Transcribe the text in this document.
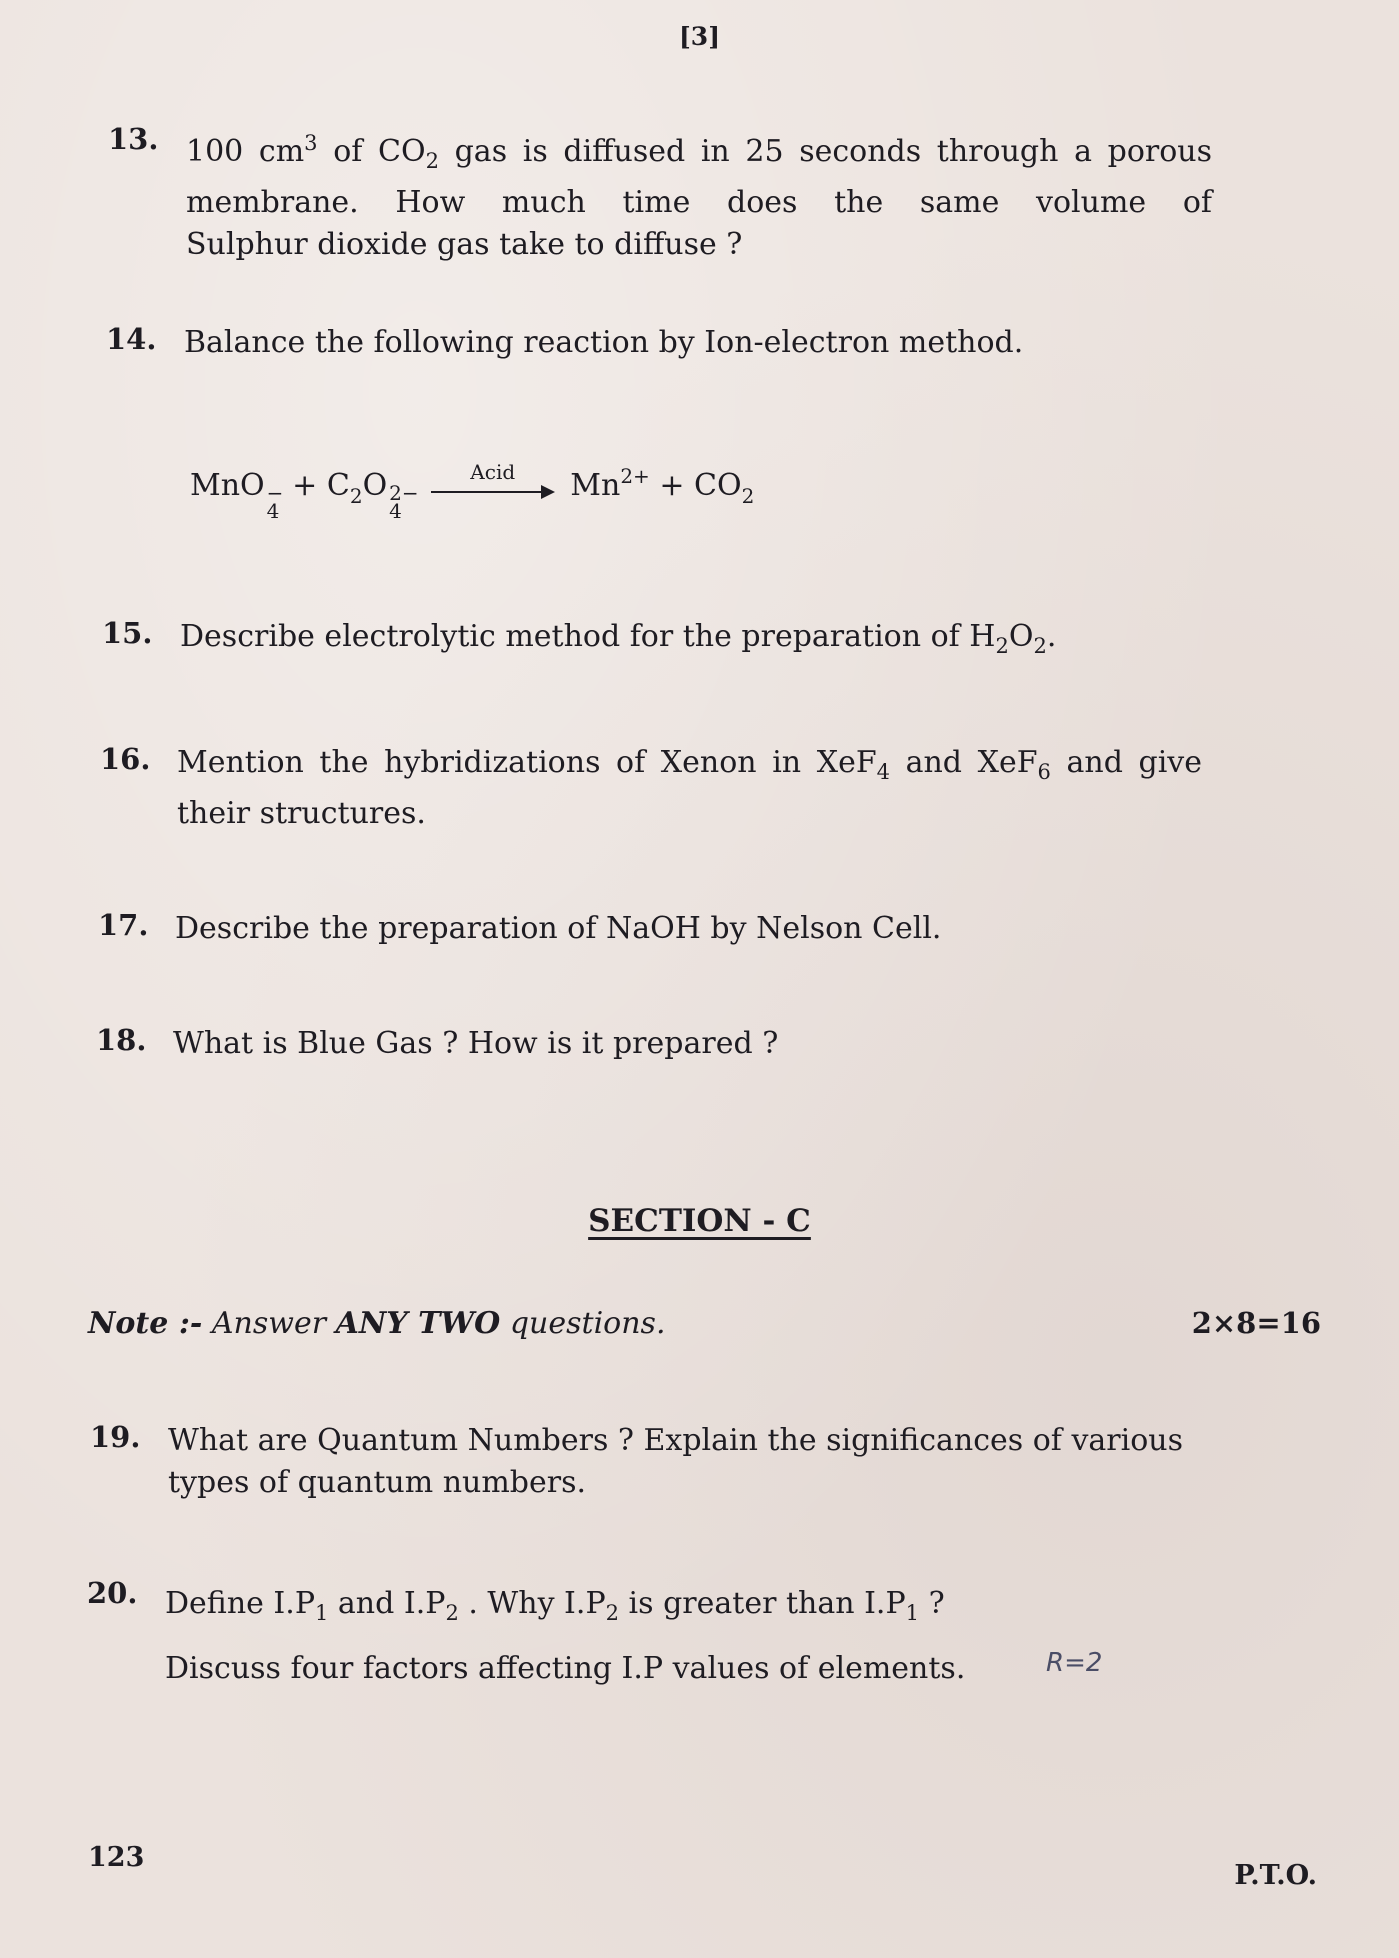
[3]
13. 100 $cm^3$ of $CO_2$ gas is diffused in 25 seconds through a porous
membrane. How much time does the same volume of
Sulphur dioxide gas take to diffuse ?
14. Balance the following reaction by Ion-electron method.
MnO −
4
+ $C_2O$ 2−
4

Acid	$Mn^{2+} + CO_2$
15. Describe electrolytic method for the preparation of $H_2O_2$.
16. Mention the hybridizations of Xenon in XeF$_4$ and XeF$_6$ and give
their structures.
17. Describe the preparation of NaOH by Nelson Cell.
18. What is Blue Gas ? How is it prepared ?
SECTION - C
Note :- Answer ANY TWO questions.	2×8=16
19. What are Quantum Numbers ? Explain the significances of various
types of quantum numbers.
20. Define $I.P_1$ and $I.P_2$ . Why $I.P_2$ is greater than $I.P_1$ ?
Discuss four factors affecting I.P values of elements.	R=2
123
P.T.O.
